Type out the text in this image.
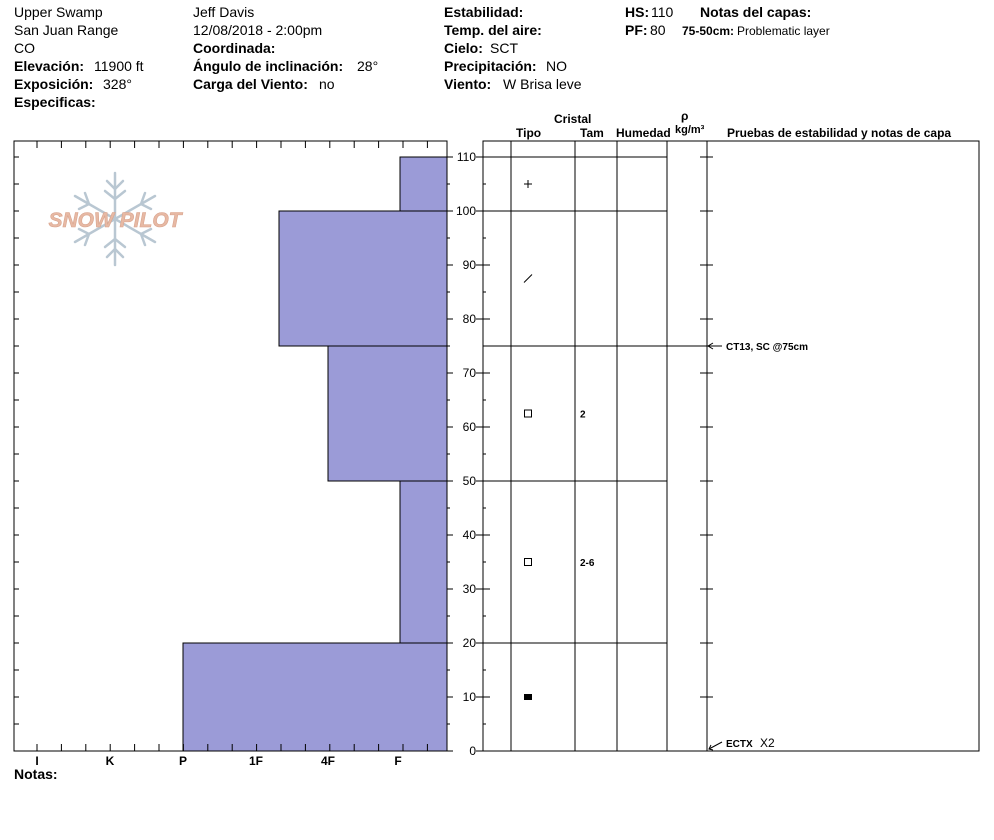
Upper Swamp
San Juan Range
CO
Elevación: 11900 ft
Exposición: 328°
Especificas:
Jeff Davis
12/08/2018 - 2:00pm
Coordinada:
Ángulo de inclinación: 28°
Carga del Viento: no
Estabilidad:
Temp. del aire:
Cielo: SCT
Precipitación: NO
Viento: W Brisa leve
HS: 110
PF: 80
Notas del capas:
75-50cm: Problematic layer
Notas:
Cristal
Tipo	Tam Humedad
ρ
kg/m³ Pruebas de estabilidad y notas de capa
SNOW PILOT
0
10
20
30
40
50
60
70
80
90
100
110
I	K	P	1F	4F	F
2
2-6
CT13, SC @75cm
ECTX X2
